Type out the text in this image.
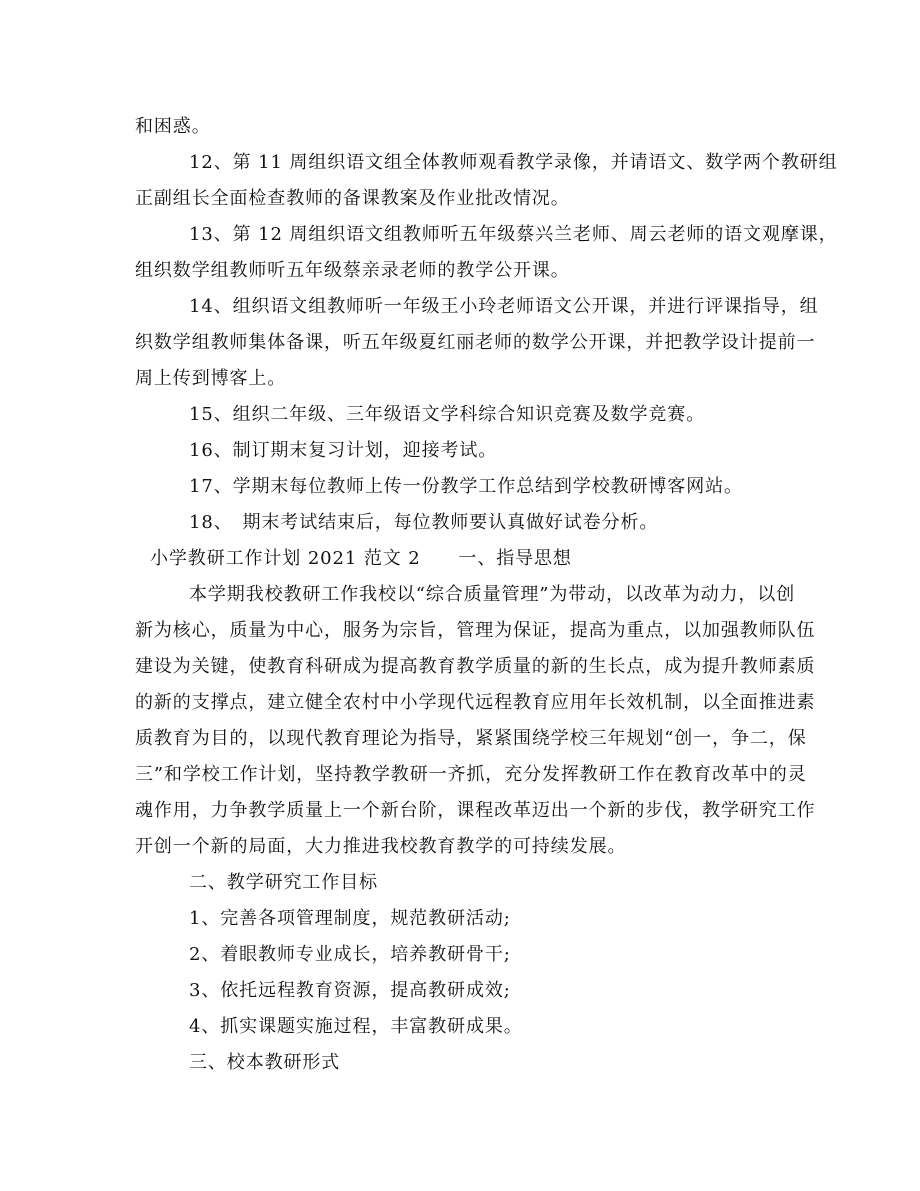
和困惑。
12、第 11 周组织语文组全体教师观看教学录像，并请语文、数学两个教研组
正副组长全面检查教师的备课教案及作业批改情况。
13、第 12 周组织语文组教师听五年级蔡兴兰老师、周云老师的语文观摩课，
组织数学组教师听五年级蔡亲录老师的教学公开课。
14、组织语文组教师听一年级王小玲老师语文公开课，并进行评课指导，组
织数学组教师集体备课，听五年级夏红丽老师的数学公开课，并把教学设计提前一
周上传到博客上。
15、组织二年级、三年级语文学科综合知识竞赛及数学竞赛。
16、制订期末复习计划，迎接考试。
17、学期末每位教师上传一份教学工作总结到学校教研博客网站。
18、　期末考试结束后，每位教师要认真做好试卷分析。
小学教研工作计划 2021 范文 2　　一、指导思想
本学期我校教研工作我校以“综合质量管理”为带动，以改革为动力，以创
新为核心，质量为中心，服务为宗旨，管理为保证，提高为重点，以加强教师队伍
建设为关键，使教育科研成为提高教育教学质量的新的生长点，成为提升教师素质
的新的支撑点，建立健全农村中小学现代远程教育应用年长效机制，以全面推进素
质教育为目的，以现代教育理论为指导，紧紧围绕学校三年规划“创一，争二，保
三”和学校工作计划，坚持教学教研一齐抓，充分发挥教研工作在教育改革中的灵
魂作用，力争教学质量上一个新台阶，课程改革迈出一个新的步伐，教学研究工作
开创一个新的局面，大力推进我校教育教学的可持续发展。
二、教学研究工作目标
1、完善各项管理制度，规范教研活动;
2、着眼教师专业成长，培养教研骨干;
3、依托远程教育资源，提高教研成效;
4、抓实课题实施过程，丰富教研成果。
三、校本教研形式
